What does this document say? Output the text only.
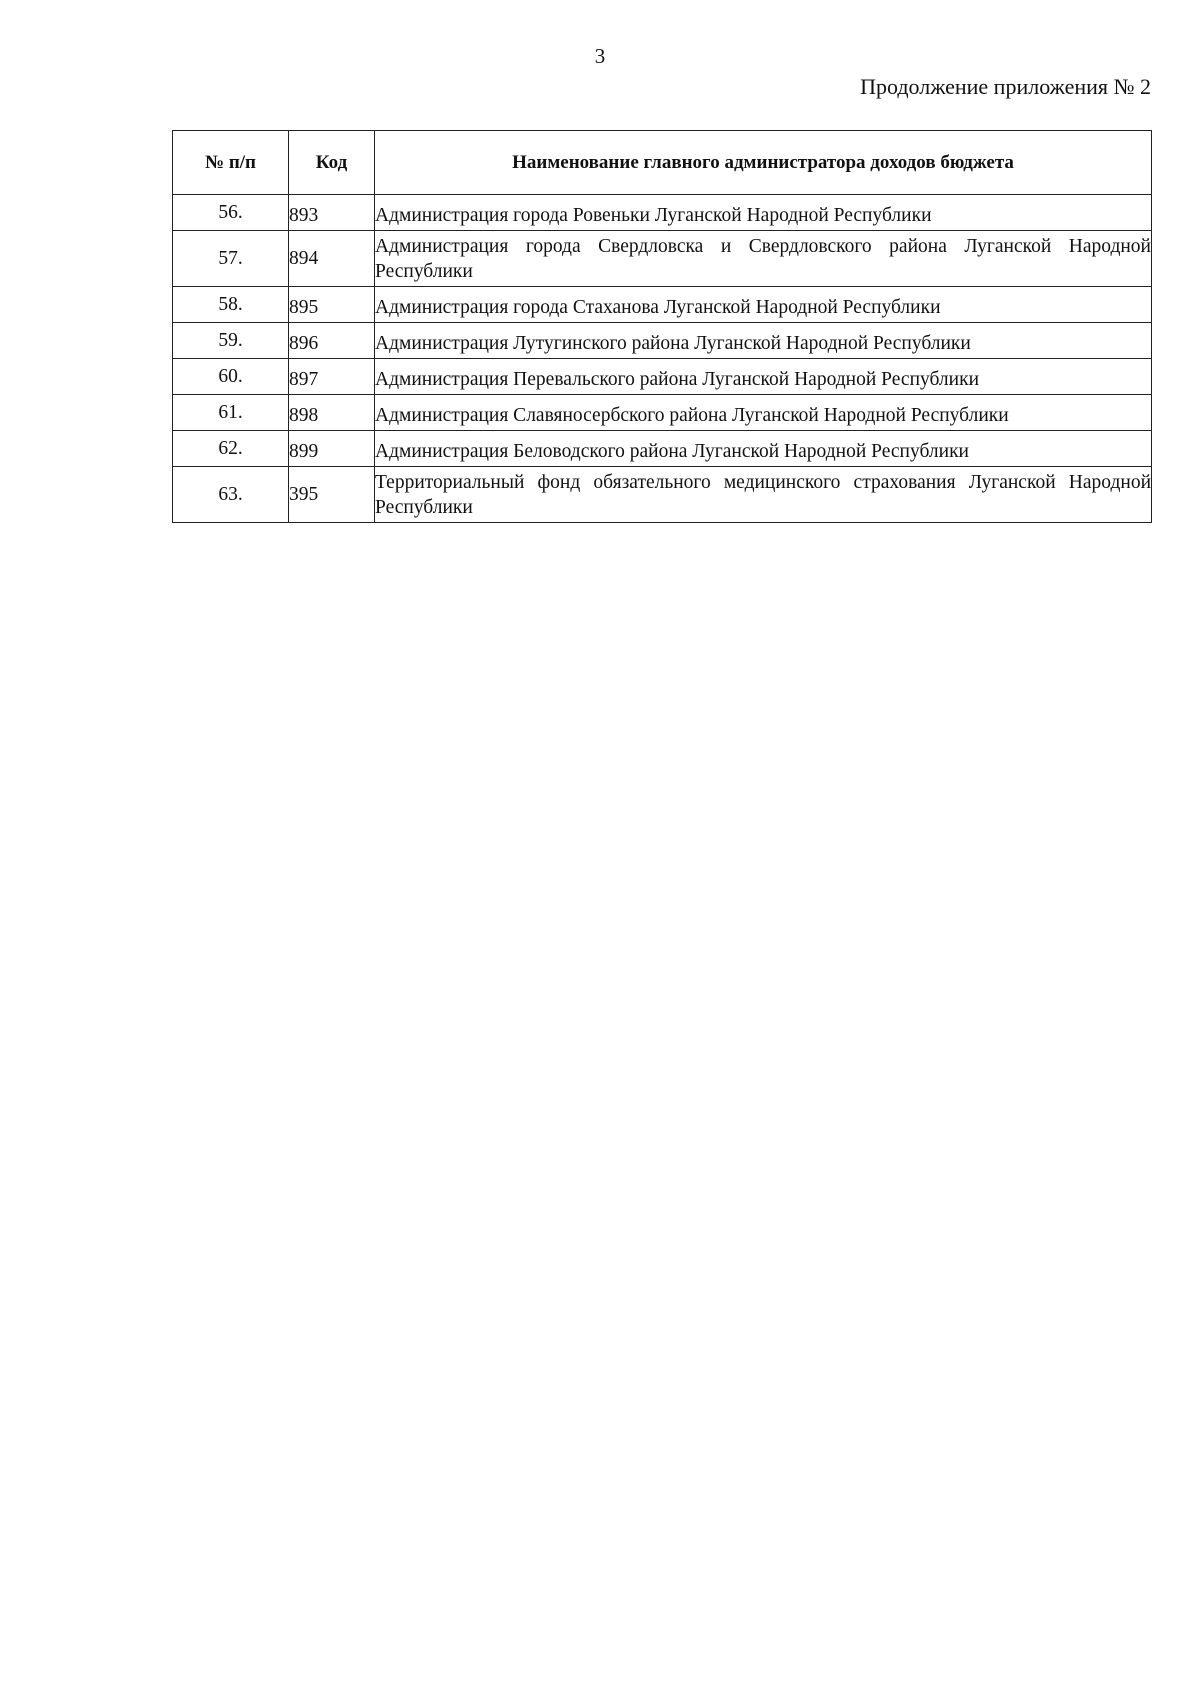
3
Продолжение приложения № 2
№ п/п	Код	Наименование главного администратора доходов бюджета
56.	893	Администрация города Ровеньки Луганской Народной Республики
57.	894	Администрация города Свердловска и Свердловского района Луганской Народной Республики
58.	895	Администрация города Стаханова Луганской Народной Республики
59.	896	Администрация Лутугинского района Луганской Народной Республики
60.	897	Администрация Перевальского района Луганской Народной Республики
61.	898	Администрация Славяносербского района Луганской Народной Республики
62.	899	Администрация Беловодского района Луганской Народной Республики
63.	395	Территориальный фонд обязательного медицинского страхования Луганской Народной Республики
